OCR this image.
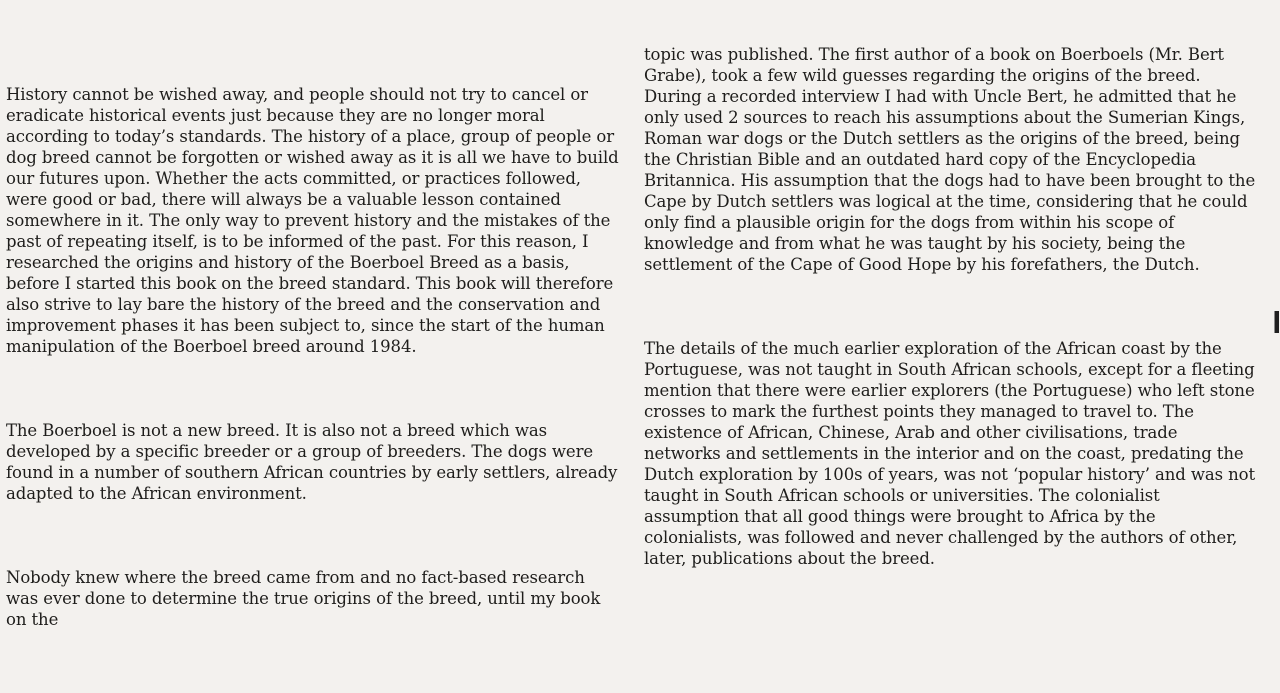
History cannot be wished away, and people should not try to cancel or eradicate historical events just because they are no longer moral according to today’s standards. The history of a place, group of people or dog breed cannot be forgotten or wished away as it is all we have to build our futures upon. Whether the acts committed, or practices followed, were good or bad, there will always be a valuable lesson contained somewhere in it. The only way to prevent history and the mistakes of the past of repeating itself, is to be informed of the past. For this reason, I researched the origins and history of the Boerboel Breed as a basis, before I started this book on the breed standard. This book will therefore also strive to lay bare the history of the breed and the conservation and improvement phases it has been subject to, since the start of the human manipulation of the Boerboel breed around 1984.

The Boerboel is not a new breed. It is also not a breed which was developed by a specific breeder or a group of breeders. The dogs were found in a number of southern African countries by early settlers, already adapted to the African environment.

Nobody knew where the breed came from and no fact-based research was ever done to determine the true origins of the breed, until my book on the

topic was published. The first author of a book on Boerboels (Mr. Bert Grabe), took a few wild guesses regarding the origins of the breed. During a recorded interview I had with Uncle Bert, he admitted that he only used 2 sources to reach his assumptions about the Sumerian Kings, Roman war dogs or the Dutch settlers as the origins of the breed, being the Christian Bible and an outdated hard copy of the Encyclopedia Britannica. His assumption that the dogs had to have been brought to the Cape by Dutch settlers was logical at the time, considering that he could only find a plausible origin for the dogs from within his scope of knowledge and from what he was taught by his society, being the settlement of the Cape of Good Hope by his forefathers, the Dutch.

The details of the much earlier exploration of the African coast by the Portuguese, was not taught in South African schools, except for a fleeting mention that there were earlier explorers (the Portuguese) who left stone crosses to mark the furthest points they managed to travel to. The existence of African, Chinese, Arab and other civilisations, trade networks and settlements in the interior and on the coast, predating the Dutch exploration by 100s of years, was not ‘popular history’ and was not taught in South African schools or universities. The colonialist assumption that all good things were brought to Africa by the colonialists, was followed and never challenged by the authors of other, later, publications about the breed.
